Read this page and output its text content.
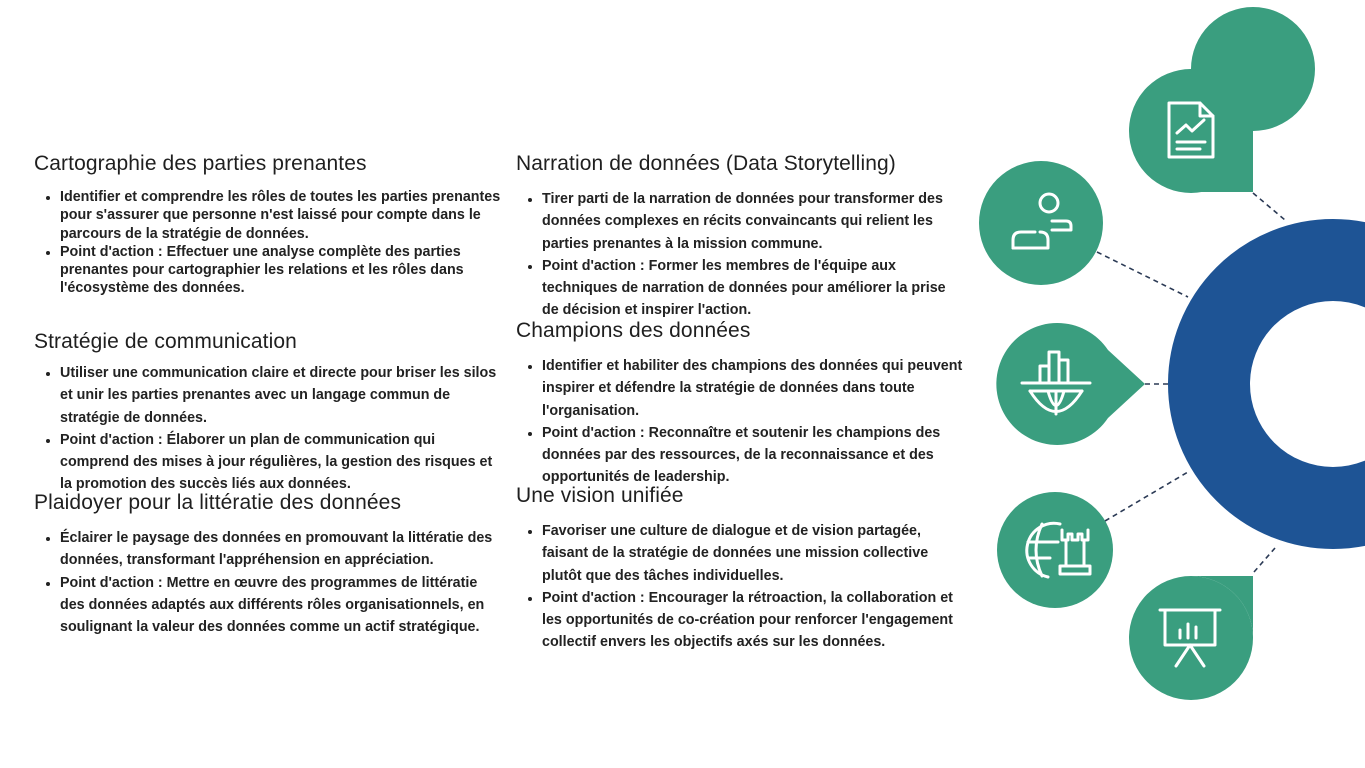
Cartographie des parties prenantes
• Identifier et comprendre les rôles de toutes les parties prenantes pour s'assurer que personne n'est laissé pour compte dans le parcours de la stratégie de données.
• Point d'action : Effectuer une analyse complète des parties prenantes pour cartographier les relations et les rôles dans l'écosystème des données.
Stratégie de communication
• Utiliser une communication claire et directe pour briser les silos et unir les parties prenantes avec un langage commun de stratégie de données.
• Point d'action : Élaborer un plan de communication qui comprend des mises à jour régulières, la gestion des risques et la promotion des succès liés aux données.
Plaidoyer pour la littératie des données
• Éclairer le paysage des données en promouvant la littératie des données, transformant l'appréhension en appréciation.
• Point d'action : Mettre en œuvre des programmes de littératie des données adaptés aux différents rôles organisationnels, en soulignant la valeur des données comme un actif stratégique.
Narration de données (Data Storytelling)
• Tirer parti de la narration de données pour transformer des données complexes en récits convaincants qui relient les parties prenantes à la mission commune.
• Point d'action : Former les membres de l'équipe aux techniques de narration de données pour améliorer la prise de décision et inspirer l'action.
Champions des données
• Identifier et habiliter des champions des données qui peuvent inspirer et défendre la stratégie de données dans toute l'organisation.
• Point d'action : Reconnaître et soutenir les champions des données par des ressources, de la reconnaissance et des opportunités de leadership.
Une vision unifiée
• Favoriser une culture de dialogue et de vision partagée, faisant de la stratégie de données une mission collective plutôt que des tâches individuelles.
• Point d'action : Encourager la rétroaction, la collaboration et les opportunités de co-création pour renforcer l'engagement collectif envers les objectifs axés sur les données.
